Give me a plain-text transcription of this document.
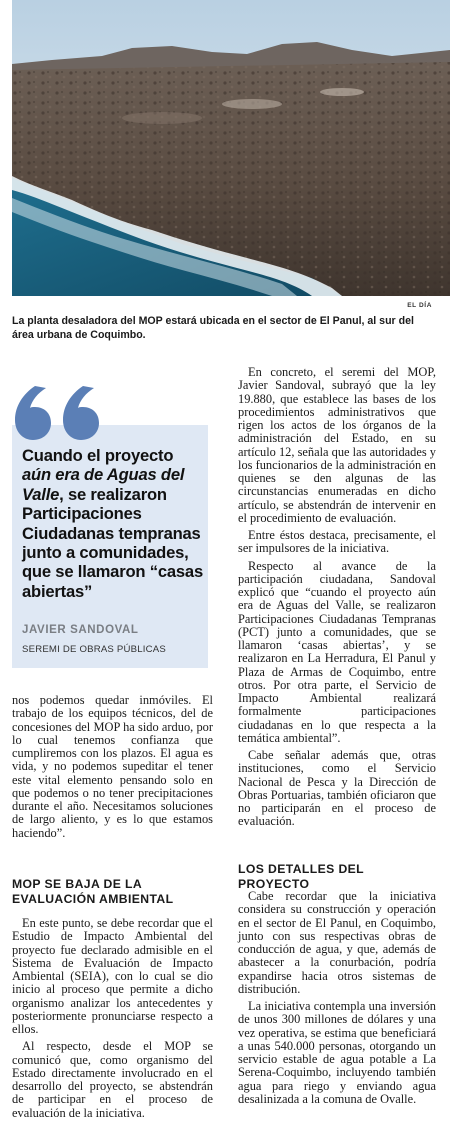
EL DÍA
La planta desaladora del MOP estará ubicada en el sector de El Panul, al sur del área urbana de Coquimbo.
Cuando el proyecto aún era de Aguas del Valle, se realizaron Participaciones Ciudadanas tempranas junto a comunidades, que se llamaron “casas abiertas”
JAVIER SANDOVAL
SEREMI DE OBRAS PÚBLICAS

nos podemos quedar inmóviles. El trabajo de los equipos técnicos, del de concesiones del MOP ha sido arduo, por lo cual tenemos confianza que cumpliremos con los plazos. El agua es vida, y no podemos supeditar el tener este vital elemento pensando solo en que podemos o no tener precipitaciones durante el año. Necesitamos soluciones de largo aliento, y es lo que estamos haciendo”.

MOP SE BAJA DE LA EVALUACIÓN AMBIENTAL

En este punto, se debe recordar que el Estudio de Impacto Ambiental del proyecto fue declarado admisible en el Sistema de Evaluación de Impacto Ambiental (SEIA), con lo cual se dio inicio al proceso que permite a dicho organismo analizar los antecedentes y posteriormente pronunciarse respecto a ellos.

Al respecto, desde el MOP se comunicó que, como organismo del Estado directamente involucrado en el desarrollo del proyecto, se abstendrán de participar en el proceso de evaluación de la iniciativa.

En concreto, el seremi del MOP, Javier Sandoval, subrayó que la ley 19.880, que establece las bases de los procedimientos administrativos que rigen los actos de los órganos de la administración del Estado, en su artículo 12, señala que las autoridades y los funcionarios de la administración en quienes se den algunas de las circunstancias enumeradas en dicho artículo, se abstendrán de intervenir en el procedimiento de evaluación.

Entre éstos destaca, precisamente, el ser impulsores de la iniciativa.

Respecto al avance de la participación ciudadana, Sandoval explicó que “cuando el proyecto aún era de Aguas del Valle, se realizaron Participaciones Ciudadanas Tempranas (PCT) junto a comunidades, que se llamaron ‘casas abiertas’, y se realizaron en La Herradura, El Panul y Plaza de Armas de Coquimbo, entre otros. Por otra parte, el Servicio de Impacto Ambiental realizará formalmente participaciones ciudadanas en lo que respecta a la temática ambiental”.

Cabe señalar además que, otras instituciones, como el Servicio Nacional de Pesca y la Dirección de Obras Portuarias, también oficiaron que no participarán en el proceso de evaluación.

LOS DETALLES DEL PROYECTO

Cabe recordar que la iniciativa considera su construcción y operación en el sector de El Panul, en Coquimbo, junto con sus respectivas obras de conducción de agua, y que, además de abastecer a la conurbación, podría expandirse hacia otros sistemas de distribución.

La iniciativa contempla una inversión de unos 300 millones de dólares y una vez operativa, se estima que beneficiará a unas 540.000 personas, otorgando un servicio estable de agua potable a La Serena-Coquimbo, incluyendo también agua para riego y enviando agua desalinizada a la comuna de Ovalle.
